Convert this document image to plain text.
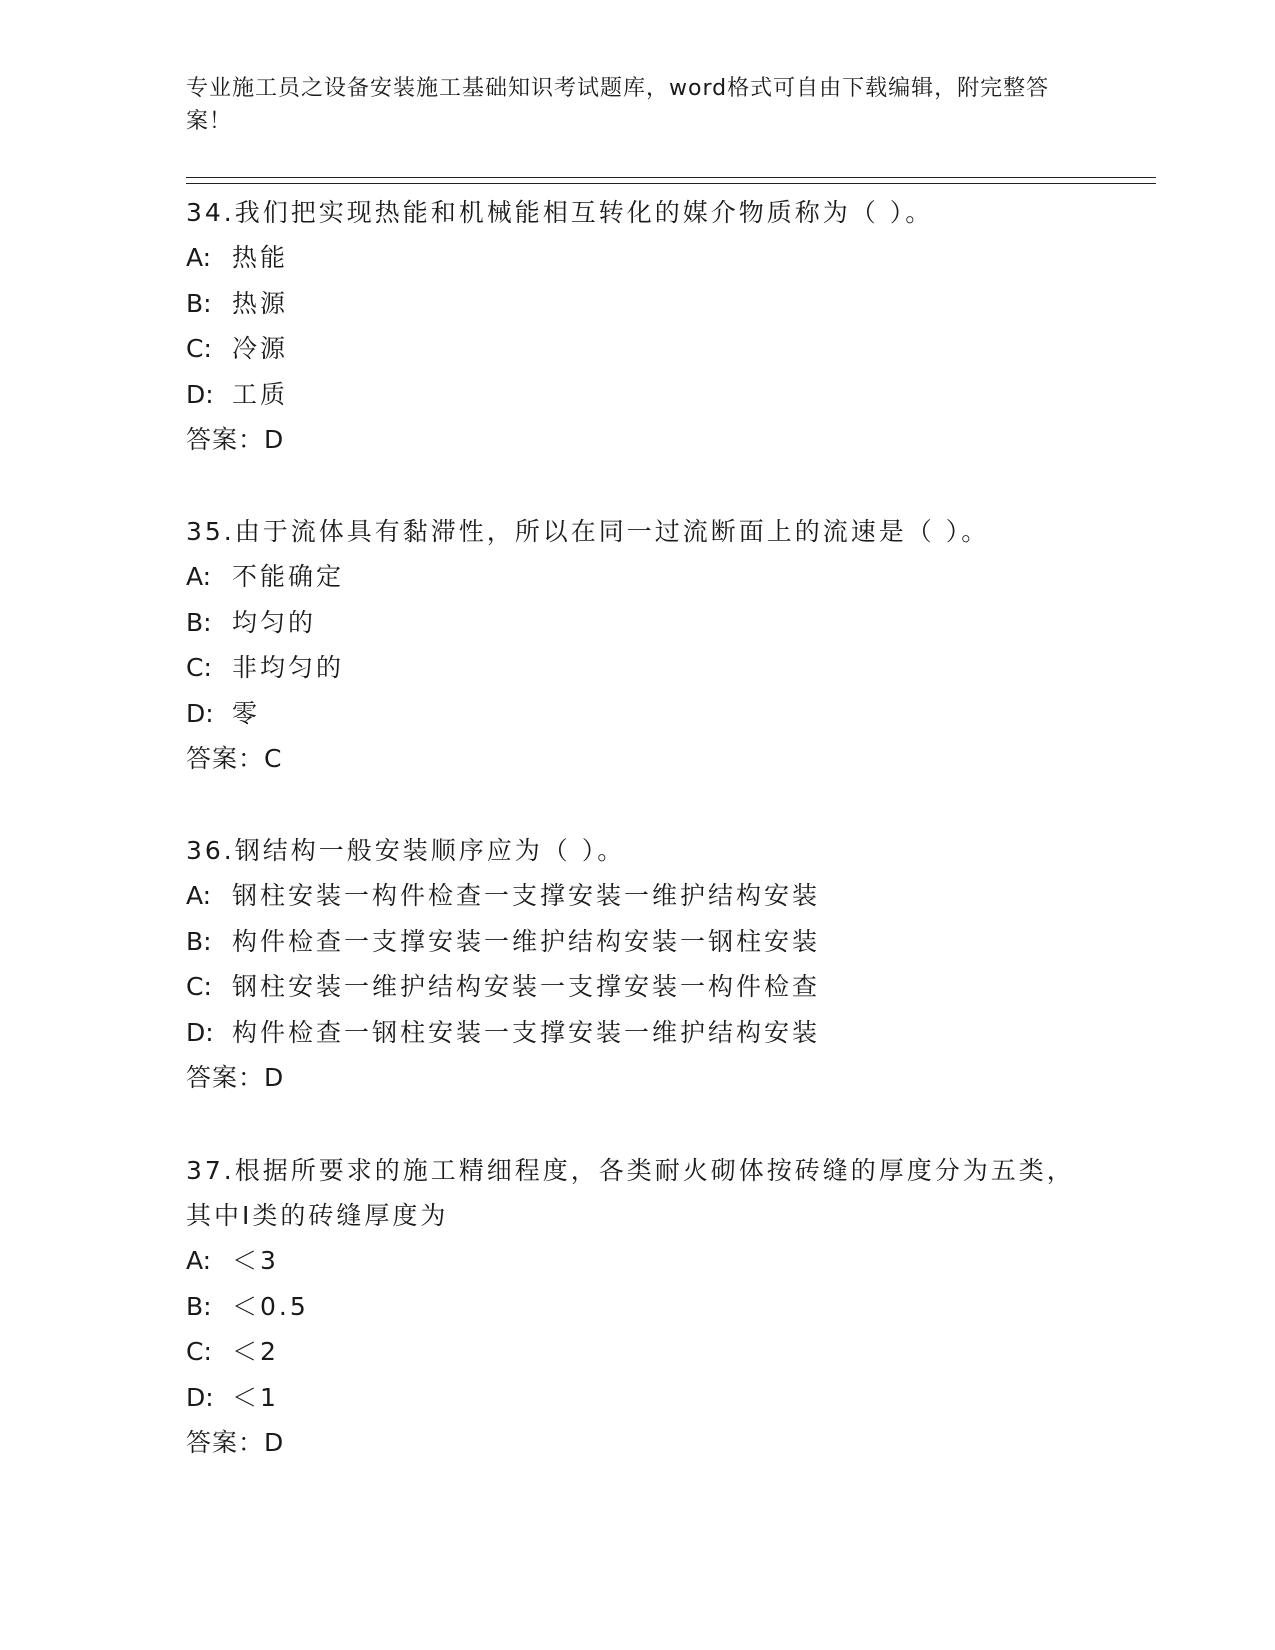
专业施工员之设备安装施工基础知识考试题库，word格式可自由下载编辑，附完整答案！

34.我们把实现热能和机械能相互转化的媒介物质称为（ ）。

A: 热能

B: 热源

C: 冷源

D: 工质

答案：D

35.由于流体具有黏滞性，所以在同一过流断面上的流速是（ ）。

A: 不能确定

B: 均匀的

C: 非均匀的

D: 零

答案：C

36.钢结构一般安装顺序应为（ ）。

A: 钢柱安装一构件检查一支撑安装一维护结构安装

B: 构件检查一支撑安装一维护结构安装一钢柱安装

C: 钢柱安装一维护结构安装一支撑安装一构件检查

D: 构件检查一钢柱安装一支撑安装一维护结构安装

答案：D

37.根据所要求的施工精细程度，各类耐火砌体按砖缝的厚度分为五类，其中Ⅰ类的砖缝厚度为

A: ＜3

B: ＜0.5

C: ＜2

D: ＜1

答案：D
